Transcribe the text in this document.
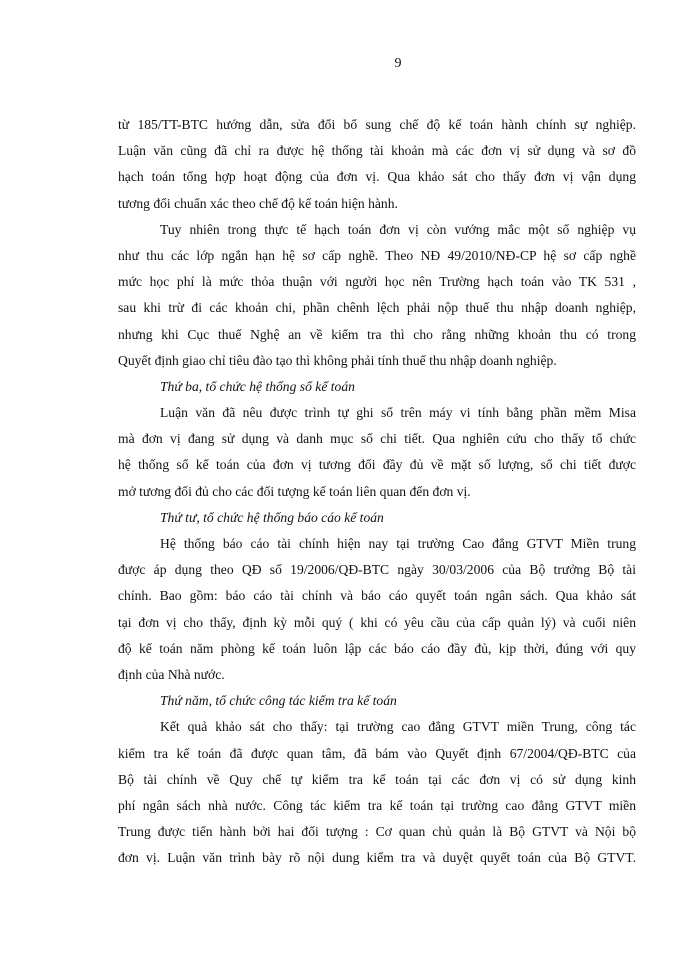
9
từ 185/TT-BTC hướng dẫn, sửa đổi bổ sung chế độ kế toán hành chính sự nghiệp.
Luận văn cũng đã chỉ ra được hệ thống tài khoản mà các đơn vị sử dụng và sơ đồ
hạch toán tổng hợp hoạt động của đơn vị. Qua khảo sát cho thấy đơn vị vận dụng
tương đối chuẩn xác theo chế độ kế toán hiện hành.
Tuy nhiên trong thực tế hạch toán đơn vị còn vướng mắc một số nghiệp vụ
như thu các lớp ngắn hạn hệ sơ cấp nghề. Theo NĐ 49/2010/NĐ-CP hệ sơ cấp nghề
mức học phí là mức thỏa thuận với người học nên Trường hạch toán vào TK 531 ,
sau khi trừ đi các khoản chi, phần chênh lệch phải nộp thuế thu nhập doanh nghiệp,
nhưng khi Cục thuế Nghệ an về kiểm tra thì cho rằng những khoản thu có trong
Quyết định giao chỉ tiêu đào tạo thì không phải tính thuế thu nhập doanh nghiệp.
Thứ ba, tổ chức hệ thống sổ kế toán
Luận văn đã nêu được trình tự ghi sổ trên máy vi tính bằng phần mềm Misa
mà đơn vị đang sử dụng và danh mục sổ chi tiết. Qua nghiên cứu cho thấy tổ chức
hệ thống sổ kế toán của đơn vị tương đối đầy đủ về mặt số lượng, sổ chi tiết được
mở tương đối đủ cho các đối tượng kế toán liên quan đến đơn vị.
Thứ tư, tổ chức hệ thống báo cáo kế toán
Hệ thống báo cáo tài chính hiện nay tại trường Cao đẳng GTVT Miền trung
được áp dụng theo QĐ số 19/2006/QĐ-BTC ngày 30/03/2006 của Bộ trưởng Bộ tài
chính. Bao gồm: báo cáo tài chính và báo cáo quyết toán ngân sách. Qua khảo sát
tại đơn vị cho thấy, định kỳ mỗi quý ( khi có yêu cầu của cấp quản lý) và cuối niên
độ kế toán năm phòng kế toán luôn lập các báo cáo đầy đủ, kịp thời, đúng với quy
định của Nhà nước.
Thứ năm, tổ chức công tác kiểm tra kế toán
Kết quả khảo sát cho thấy: tại trường cao đẳng GTVT miền Trung, công tác
kiểm tra kế toán đã được quan tâm, đã bám vào Quyết định 67/2004/QĐ-BTC của
Bộ tài chính về Quy chế tự kiểm tra kế toán tại các đơn vị có sử dụng kinh
phí ngân sách nhà nước. Công tác kiểm tra kế toán tại trường cao đẳng GTVT miền
Trung được tiến hành bởi hai đối tượng : Cơ quan chủ quản là Bộ GTVT và Nội bộ
đơn vị. Luận văn trình bày rõ nội dung kiểm tra và duyệt quyết toán của Bộ GTVT.
